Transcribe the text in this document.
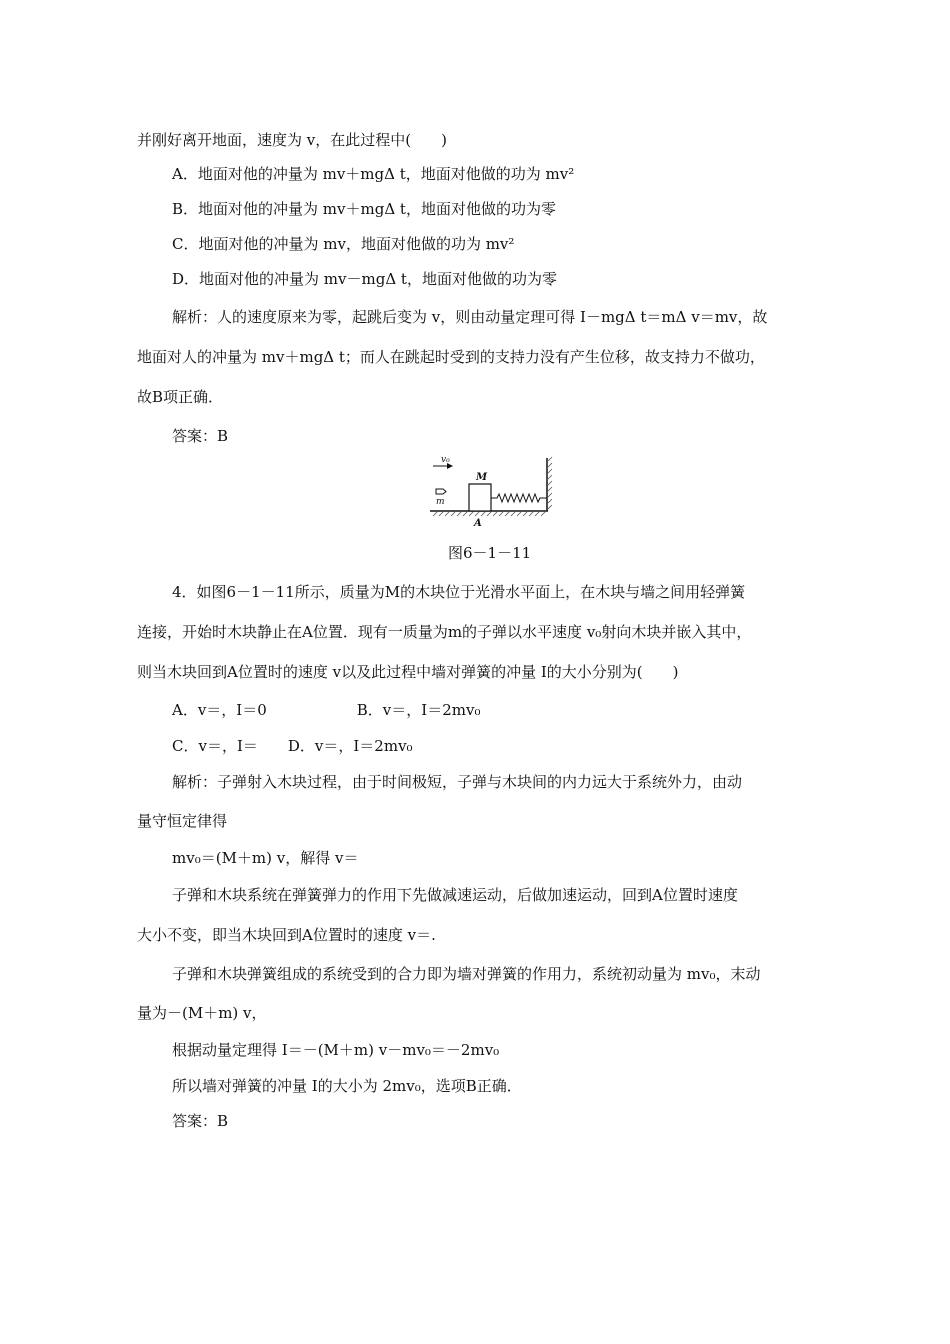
并刚好离开地面，速度为 v，在此过程中(　　)
A．地面对他的冲量为 mv＋mgΔ t，地面对他做的功为 mv²
B．地面对他的冲量为 mv＋mgΔ t，地面对他做的功为零
C．地面对他的冲量为 mv，地面对他做的功为 mv²
D．地面对他的冲量为 mv－mgΔ t，地面对他做的功为零
解析：人的速度原来为零，起跳后变为 v，则由动量定理可得 I－mgΔ t＝mΔ v＝mv，故
地面对人的冲量为 mv＋mgΔ t；而人在跳起时受到的支持力没有产生位移，故支持力不做功，
故B项正确．
答案：B
v₀
m
M
A
图6－1－11
4．如图6－1－11所示，质量为M的木块位于光滑水平面上，在木块与墙之间用轻弹簧
连接，开始时木块静止在A位置．现有一质量为m的子弹以水平速度 v₀射向木块并嵌入其中，
则当木块回到A位置时的速度 v以及此过程中墙对弹簧的冲量 I的大小分别为(　　)
A．v＝，I＝0　　　　　　B．v＝，I＝2mv₀
C．v＝，I＝　　D．v＝，I＝2mv₀
解析：子弹射入木块过程，由于时间极短，子弹与木块间的内力远大于系统外力，由动
量守恒定律得
mv₀＝(M＋m) v，解得 v＝
子弹和木块系统在弹簧弹力的作用下先做减速运动，后做加速运动，回到A位置时速度
大小不变，即当木块回到A位置时的速度 v＝.
子弹和木块弹簧组成的系统受到的合力即为墙对弹簧的作用力，系统初动量为 mv₀，末动
量为－(M＋m) v，
根据动量定理得 I＝－(M＋m) v－mv₀＝－2mv₀
所以墙对弹簧的冲量 I的大小为 2mv₀，选项B正确．
答案：B
